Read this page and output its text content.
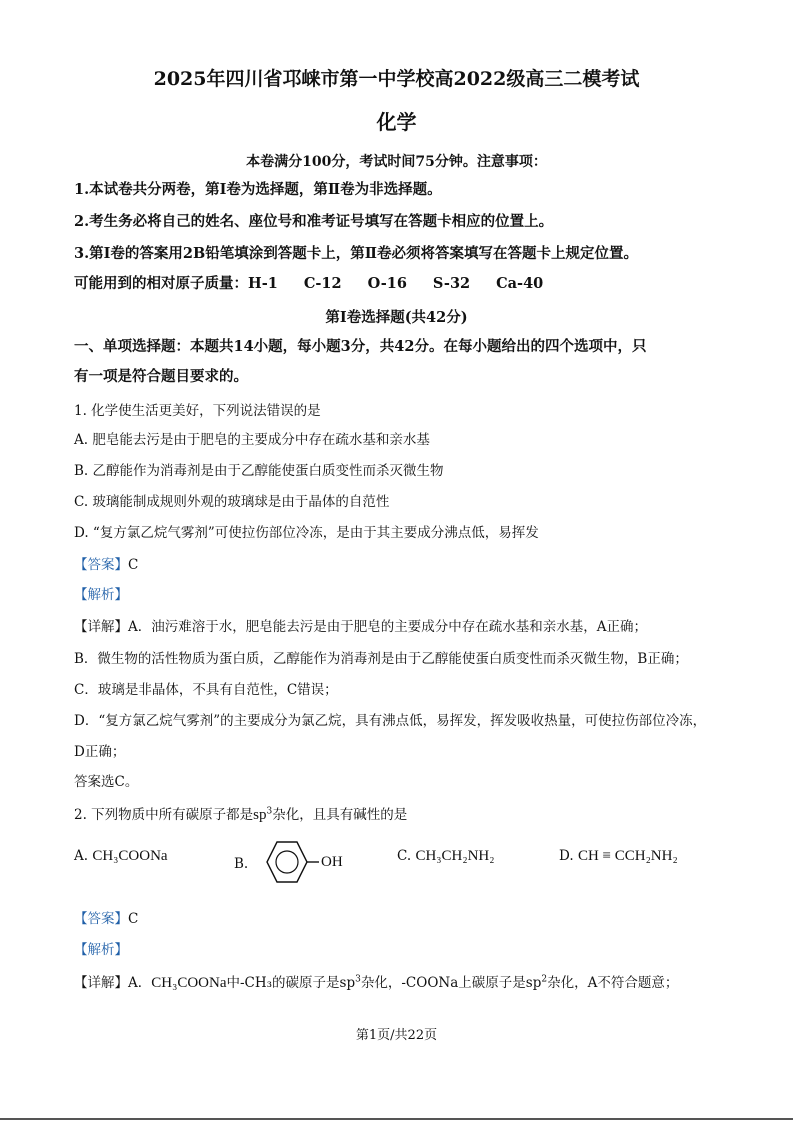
2025年四川省邛崃市第一中学校高2022级高三二模考试
化学
本卷满分100分，考试时间75分钟。注意事项：
1.本试卷共分两卷，第Ⅰ卷为选择题，第Ⅱ卷为非选择题。
2.考生务必将自己的姓名、座位号和准考证号填写在答题卡相应的位置上。
3.第Ⅰ卷的答案用2B铅笔填涂到答题卡上，第Ⅱ卷必须将答案填写在答题卡上规定位置。
可能用到的相对原子质量：H-1 C-12 O-16 S-32 Ca-40
第Ⅰ卷选择题(共42分)
一、单项选择题：本题共14小题，每小题3分，共42分。在每小题给出的四个选项中，只
有一项是符合题目要求的。
1. 化学使生活更美好，下列说法错误的是
A. 肥皂能去污是由于肥皂的主要成分中存在疏水基和亲水基
B. 乙醇能作为消毒剂是由于乙醇能使蛋白质变性而杀灭微生物
C. 玻璃能制成规则外观的玻璃球是由于晶体的自范性
D. “复方氯乙烷气雾剂”可使拉伤部位冷冻，是由于其主要成分沸点低，易挥发
【答案】C
【解析】
【详解】A．油污难溶于水，肥皂能去污是由于肥皂的主要成分中存在疏水基和亲水基，A正确；
B．微生物的活性物质为蛋白质，乙醇能作为消毒剂是由于乙醇能使蛋白质变性而杀灭微生物，B正确；
C．玻璃是非晶体，不具有自范性，C错误；
D．“复方氯乙烷气雾剂”的主要成分为氯乙烷，具有沸点低，易挥发，挥发吸收热量，可使拉伤部位冷冻，
D正确；
答案选C。
2. 下列物质中所有碳原子都是$sp^3$杂化，且具有碱性的是
A. CH₃COONa	B.	OH	C. CH₃CH₂NH₂	D. CH ≡ CCH₂NH₂
【答案】C
【解析】
【详解】A．CH₃COONa中-CH₃的碳原子是$sp^3$杂化，-COONa上碳原子是$sp^2$杂化，A不符合题意；
第1页/共22页
